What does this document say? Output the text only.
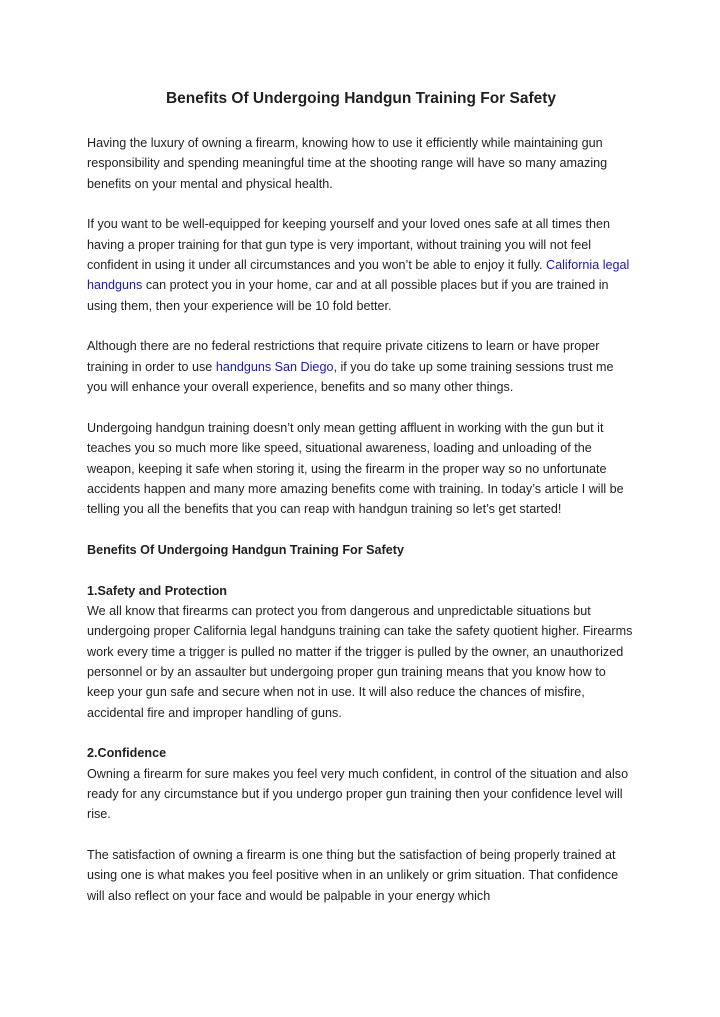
Benefits Of Undergoing Handgun Training For Safety

Having the luxury of owning a firearm, knowing how to use it efficiently while maintaining gun responsibility and spending meaningful time at the shooting range will have so many amazing benefits on your mental and physical health.

If you want to be well-equipped for keeping yourself and your loved ones safe at all times then having a proper training for that gun type is very important, without training you will not feel confident in using it under all circumstances and you won’t be able to enjoy it fully. California legal handguns can protect you in your home, car and at all possible places but if you are trained in using them, then your experience will be 10 fold better.

Although there are no federal restrictions that require private citizens to learn or have proper training in order to use handguns San Diego, if you do take up some training sessions trust me you will enhance your overall experience, benefits and so many other things.

Undergoing handgun training doesn’t only mean getting affluent in working with the gun but it teaches you so much more like speed, situational awareness, loading and unloading of the weapon, keeping it safe when storing it, using the firearm in the proper way so no unfortunate accidents happen and many more amazing benefits come with training. In today’s article I will be telling you all the benefits that you can reap with handgun training so let’s get started!

Benefits Of Undergoing Handgun Training For Safety

1.Safety and Protection
We all know that firearms can protect you from dangerous and unpredictable situations but undergoing proper California legal handguns training can take the safety quotient higher. Firearms work every time a trigger is pulled no matter if the trigger is pulled by the owner, an unauthorized personnel or by an assaulter but undergoing proper gun training means that you know how to keep your gun safe and secure when not in use. It will also reduce the chances of misfire, accidental fire and improper handling of guns.

2.Confidence
Owning a firearm for sure makes you feel very much confident, in control of the situation and also ready for any circumstance but if you undergo proper gun training then your confidence level will rise.

The satisfaction of owning a firearm is one thing but the satisfaction of being properly trained at using one is what makes you feel positive when in an unlikely or grim situation. That confidence will also reflect on your face and would be palpable in your energy which
